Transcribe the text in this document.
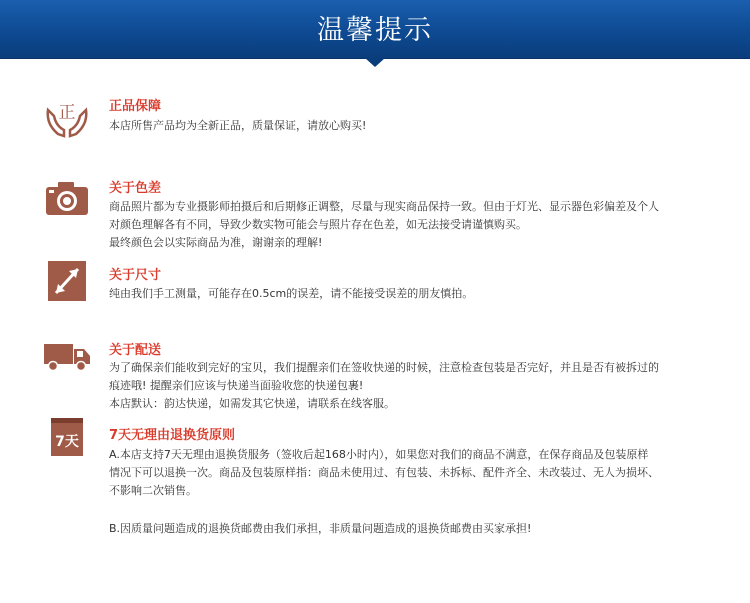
温馨提示
正	正品保障
本店所售产品均为全新正品，质量保证，请放心购买!
关于色差
商品照片都为专业摄影师拍摄后和后期修正调整，尽量与现实商品保持一致。但由于灯光、显示器色彩偏差及个人
对颜色理解各有不同，导致少数实物可能会与照片存在色差，如无法接受请谨慎购买。
最终颜色会以实际商品为准，谢谢亲的理解!
关于尺寸
纯由我们手工测量，可能存在0.5cm的误差，请不能接受误差的朋友慎拍。
关于配送
为了确保亲们能收到完好的宝贝，我们提醒亲们在签收快递的时候，注意检查包装是否完好，并且是否有被拆过的
痕迹哦! 提醒亲们应该与快递当面验收您的快递包裹!
本店默认：韵达快递，如需发其它快递，请联系在线客服。
7天 7天无理由退换货原则
A.本店支持7天无理由退换货服务（签收后起168小时内），如果您对我们的商品不满意，在保存商品及包装原样
情况下可以退换一次。商品及包装原样指：商品未使用过、有包装、未拆标、配件齐全、未改装过、无人为损坏、
不影响二次销售。
B.因质量问题造成的退换货邮费由我们承担，非质量问题造成的退换货邮费由买家承担!
